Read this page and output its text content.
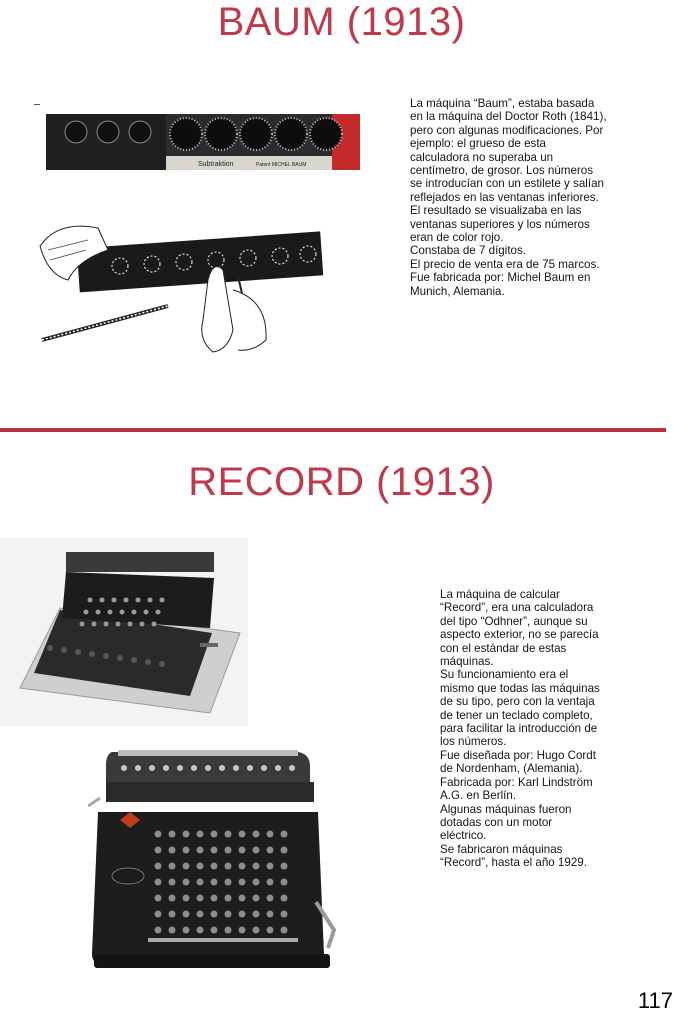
BAUM (1913)
Subtraktion	Patent MICHEL BAUM
La máquina “Baum”, estaba basada
en la máquina del Doctor Roth (1841),
pero con algunas modificaciones. Por
ejemplo: el grueso de esta
calculadora no superaba un
centímetro, de grosor. Los números
se introducían con un estilete y salían
reflejados en las ventanas inferiores.
El resultado se visualizaba en las
ventanas superiores y los números
eran de color rojo.
Constaba de 7 dígitos.
El precio de venta era de 75 marcos.
Fue fabricada por: Michel Baum en
Munich, Alemania.
RECORD (1913)
La máquina de calcular
“Record”, era una calculadora
del tipo “Odhner”, aunque su
aspecto exterior, no se parecía
con el estándar de estas
máquinas.
Su funcionamiento era el
mismo que todas las máquinas
de su tipo, pero con la ventaja
de tener un teclado completo,
para facilitar la introducción de
los números.
Fue diseñada por: Hugo Cordt
de Nordenham, (Alemania).
Fabricada por: Karl Lindström
A.G. en Berlín.
Algunas máquinas fueron
dotadas con un motor
eléctrico.
Se fabricaron máquinas
“Record”, hasta el año 1929.
117
